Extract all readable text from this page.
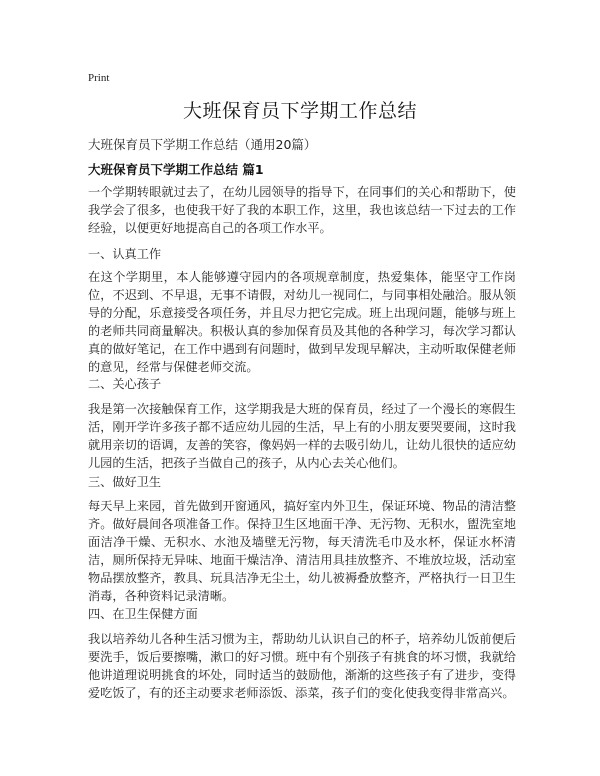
Print
大班保育员下学期工作总结
大班保育员下学期工作总结（通用20篇）
大班保育员下学期工作总结 篇1
一个学期转眼就过去了，在幼儿园领导的指导下，在同事们的关心和帮助下，使我学会了很多，也使我干好了我的本职工作，这里，我也该总结一下过去的工作经验，以便更好地提高自己的各项工作水平。
一、认真工作
在这个学期里，本人能够遵守园内的各项规章制度，热爱集体，能坚守工作岗位，不迟到、不早退，无事不请假，对幼儿一视同仁，与同事相处融洽。服从领导的分配，乐意接受各项任务，并且尽力把它完成。班上出现问题，能够与班上的老师共同商量解决。积极认真的参加保育员及其他的各种学习，每次学习都认真的做好笔记，在工作中遇到有问题时，做到早发现早解决，主动听取保健老师的意见，经常与保健老师交流。
二、关心孩子
我是第一次接触保育工作，这学期我是大班的保育员，经过了一个漫长的寒假生活，刚开学许多孩子都不适应幼儿园的生活，早上有的小朋友要哭要闹，这时我就用亲切的语调，友善的笑容，像妈妈一样的去吸引幼儿，让幼儿很快的适应幼儿园的生活，把孩子当做自己的孩子，从内心去关心他们。
三、做好卫生
每天早上来园，首先做到开窗通风，搞好室内外卫生，保证环境、物品的清洁整齐。做好晨间各项准备工作。保持卫生区地面干净、无污物、无积水，盥洗室地面洁净干燥、无积水、水池及墙壁无污物，每天清洗毛巾及水杯，保证水杯清洁，厕所保持无异味、地面干燥洁净、清洁用具挂放整齐、不堆放垃圾，活动室物品摆放整齐，教具、玩具洁净无尘土，幼儿被褥叠放整齐，严格执行一日卫生消毒，各种资料记录清晰。
四、在卫生保健方面
我以培养幼儿各种生活习惯为主，帮助幼儿认识自己的杯子，培养幼儿饭前便后要洗手，饭后要擦嘴，漱口的好习惯。班中有个别孩子有挑食的坏习惯，我就给他讲道理说明挑食的坏处，同时适当的鼓励他，渐渐的这些孩子有了进步，变得爱吃饭了，有的还主动要求老师添饭、添菜，孩子们的变化使我变得非常高兴。
